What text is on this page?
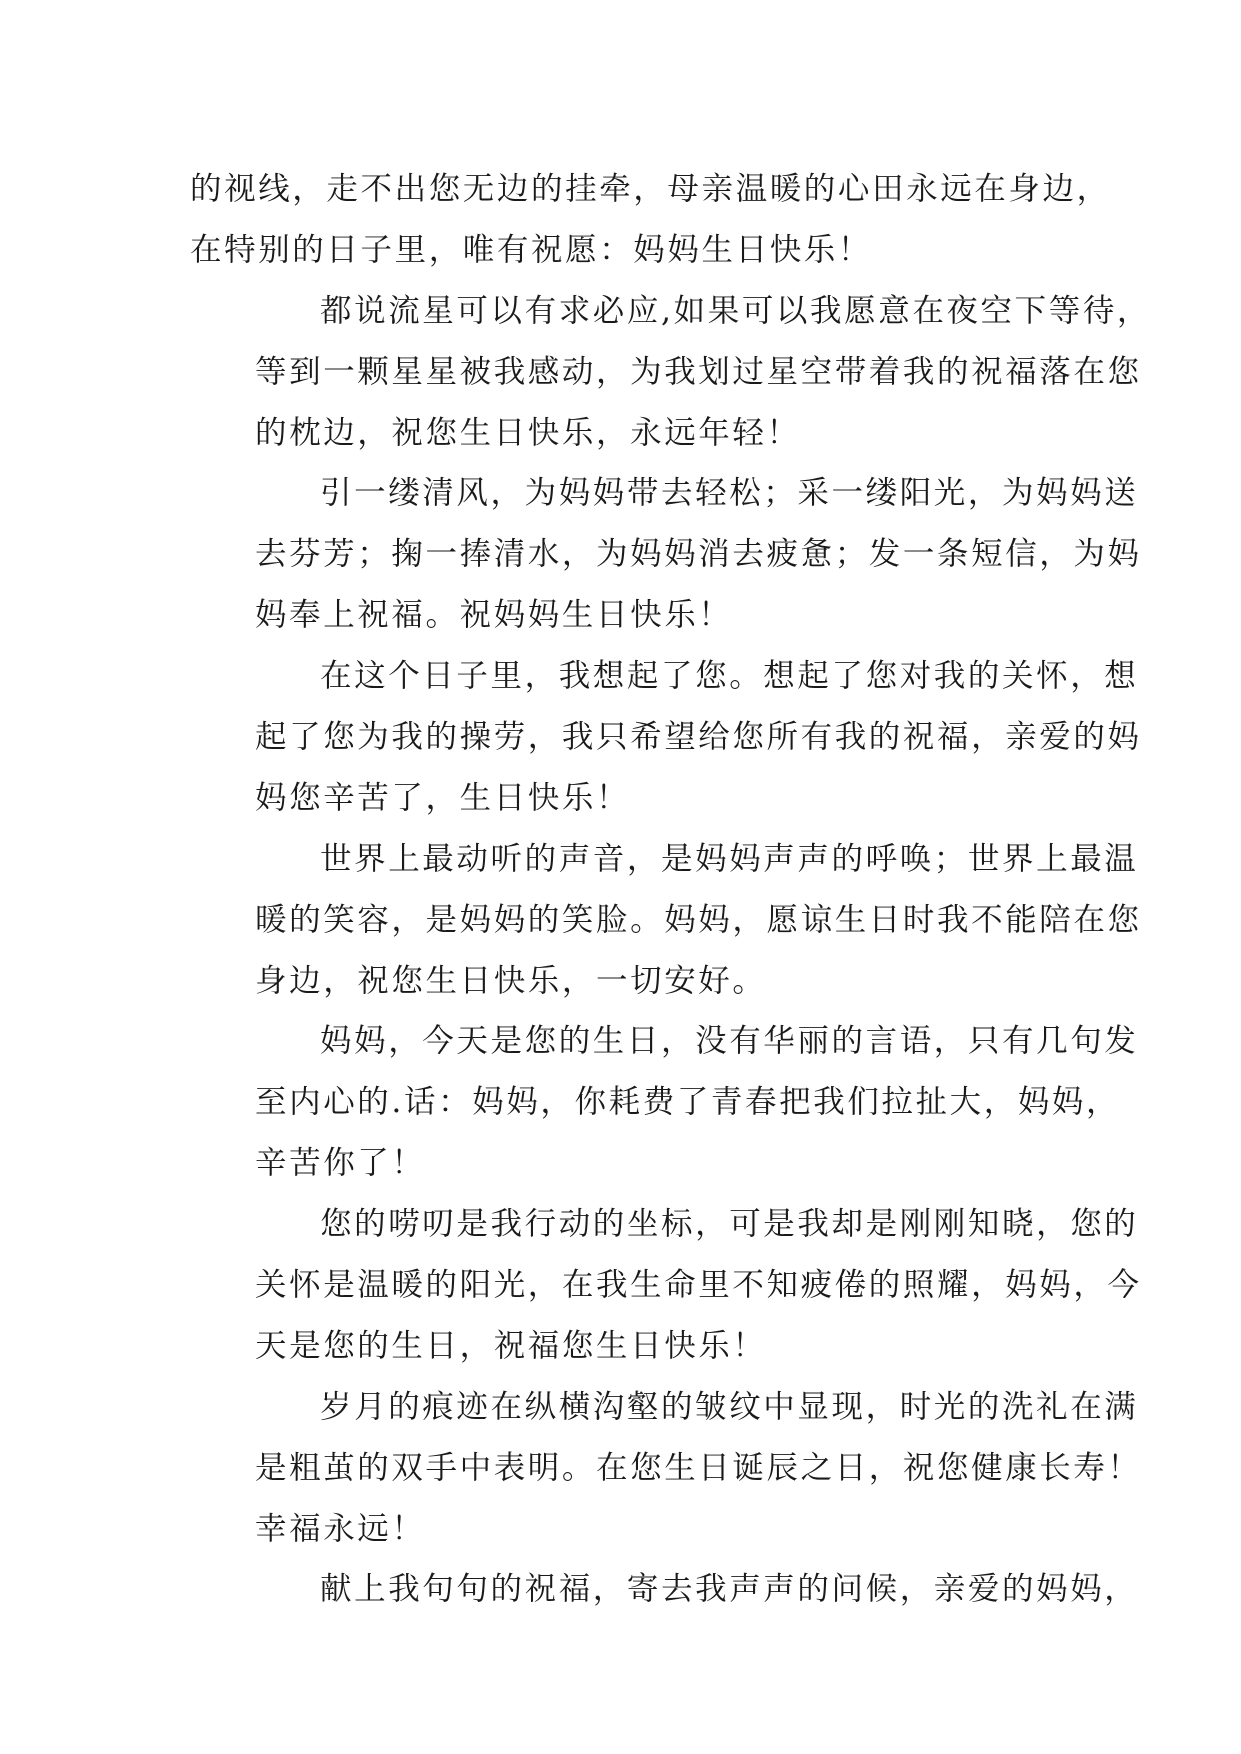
的视线，走不出您无边的挂牵，母亲温暖的心田永远在身边，
在特别的日子里，唯有祝愿：妈妈生日快乐！
都说流星可以有求必应,如果可以我愿意在夜空下等待，
等到一颗星星被我感动，为我划过星空带着我的祝福落在您
的枕边，祝您生日快乐，永远年轻！
引一缕清风，为妈妈带去轻松；采一缕阳光，为妈妈送
去芬芳；掬一捧清水，为妈妈消去疲惫；发一条短信，为妈
妈奉上祝福。祝妈妈生日快乐！
在这个日子里，我想起了您。想起了您对我的关怀，想
起了您为我的操劳，我只希望给您所有我的祝福，亲爱的妈
妈您辛苦了，生日快乐！
世界上最动听的声音，是妈妈声声的呼唤；世界上最温
暖的笑容，是妈妈的笑脸。妈妈，愿谅生日时我不能陪在您
身边，祝您生日快乐，一切安好。
妈妈，今天是您的生日，没有华丽的言语，只有几句发
至内心的.话：妈妈，你耗费了青春把我们拉扯大，妈妈，
辛苦你了！
您的唠叨是我行动的坐标，可是我却是刚刚知晓，您的
关怀是温暖的阳光，在我生命里不知疲倦的照耀，妈妈，今
天是您的生日，祝福您生日快乐！
岁月的痕迹在纵横沟壑的皱纹中显现，时光的洗礼在满
是粗茧的双手中表明。在您生日诞辰之日，祝您健康长寿！
幸福永远！
献上我句句的祝福，寄去我声声的问候，亲爱的妈妈，
